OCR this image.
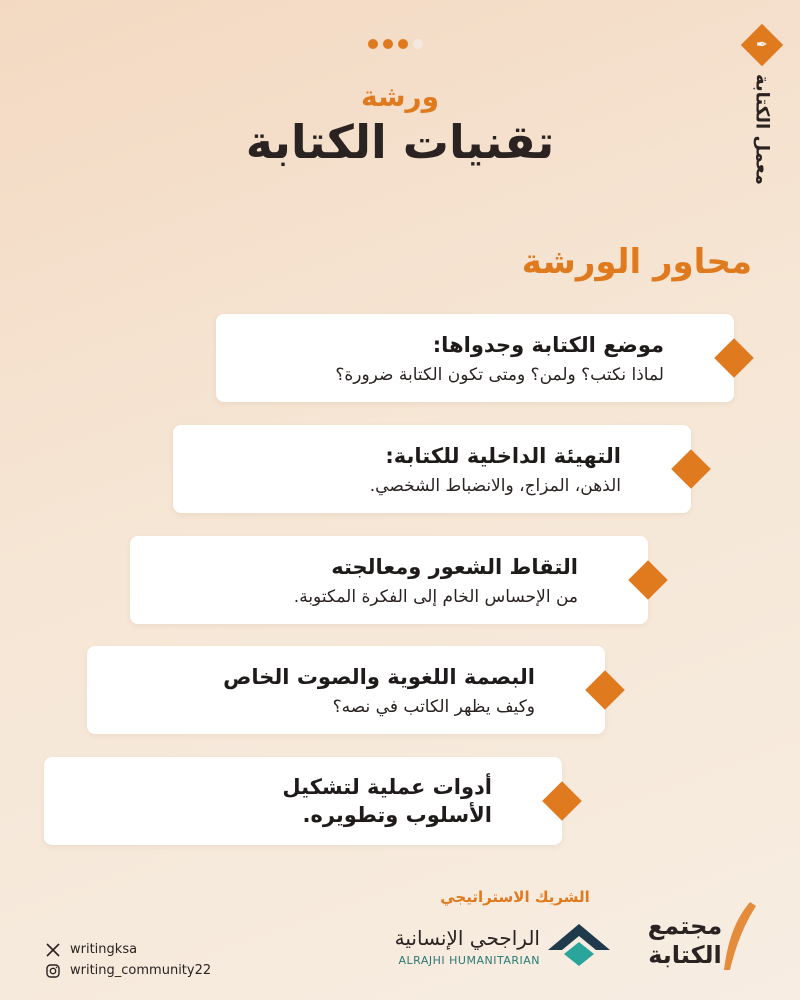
ورشة
تقنيات الكتابة
✒
معمل الكتابة
محاور الورشة
موضع الكتابة وجدواها:
لماذا نكتب؟ ولمن؟ ومتى تكون الكتابة ضرورة؟
التهيئة الداخلية للكتابة:
الذهن، المزاج، والانضباط الشخصي.
التقاط الشعور ومعالجته
من الإحساس الخام إلى الفكرة المكتوبة.
البصمة اللغوية والصوت الخاص
وكيف يظهر الكاتب في نصه؟
أدوات عملية لتشكيل الأسلوب وتطويره.
الشريك الاستراتيجي
الراجحي الإنسانية
ALRAJHI HUMANITARIAN
مجتمع الكتابة
writingksa
writing_community22
